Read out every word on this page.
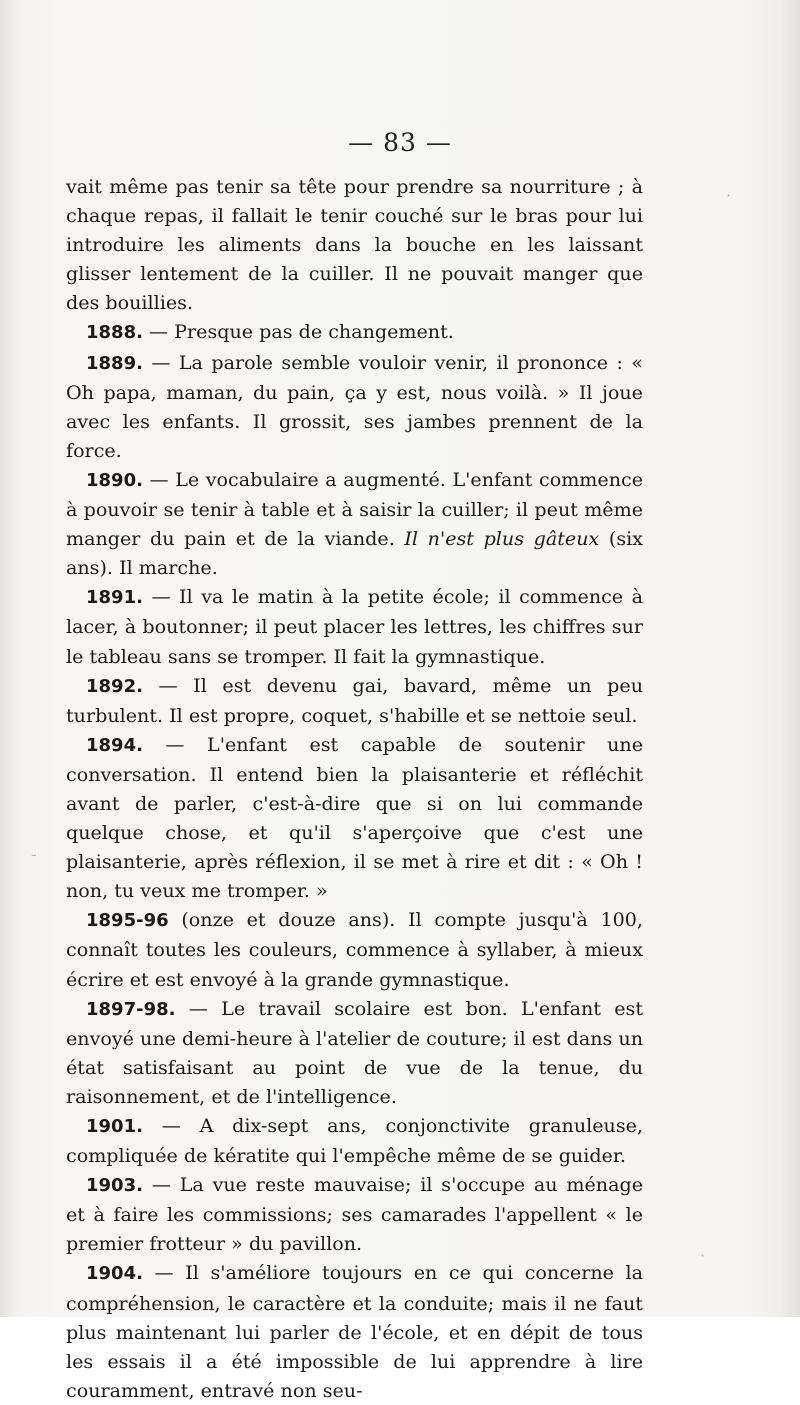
·
-
·
— 83 —

vait même pas tenir sa tête pour prendre sa nourriture ; à chaque repas, il fallait le tenir couché sur le bras pour lui introduire les aliments dans la bouche en les laissant glisser lentement de la cuiller. Il ne pouvait manger que des bouillies.

1888. — Presque pas de changement.

1889. — La parole semble vouloir venir, il prononce : « Oh papa, maman, du pain, ça y est, nous voilà. » Il joue avec les enfants. Il grossit, ses jambes prennent de la force.

1890. — Le vocabulaire a augmenté. L'enfant commence à pouvoir se tenir à table et à saisir la cuiller; il peut même manger du pain et de la viande. Il n'est plus gâteux (six ans). Il marche.

1891. — Il va le matin à la petite école; il commence à lacer, à boutonner; il peut placer les lettres, les chiffres sur le tableau sans se tromper. Il fait la gymnastique.

1892. — Il est devenu gai, bavard, même un peu turbulent. Il est propre, coquet, s'habille et se nettoie seul.

1894. — L'enfant est capable de soutenir une conversation. Il entend bien la plaisanterie et réfléchit avant de parler, c'est-à-dire que si on lui commande quelque chose, et qu'il s'aperçoive que c'est une plaisanterie, après réflexion, il se met à rire et dit : « Oh ! non, tu veux me tromper. »

1895-96 (onze et douze ans). Il compte jusqu'à 100, connaît toutes les couleurs, commence à syllaber, à mieux écrire et est envoyé à la grande gymnastique.

1897-98. — Le travail scolaire est bon. L'enfant est envoyé une demi-heure à l'atelier de couture; il est dans un état satisfaisant au point de vue de la tenue, du raisonnement, et de l'intelligence.

1901. — A dix-sept ans, conjonctivite granuleuse, compliquée de kératite qui l'empêche même de se guider.

1903. — La vue reste mauvaise; il s'occupe au ménage et à faire les commissions; ses camarades l'appellent « le premier frotteur » du pavillon.

1904. — Il s'améliore toujours en ce qui concerne la compréhension, le caractère et la conduite; mais il ne faut plus maintenant lui parler de l'école, et en dépit de tous les essais il a été impossible de lui apprendre à lire couramment, entravé non seu-
